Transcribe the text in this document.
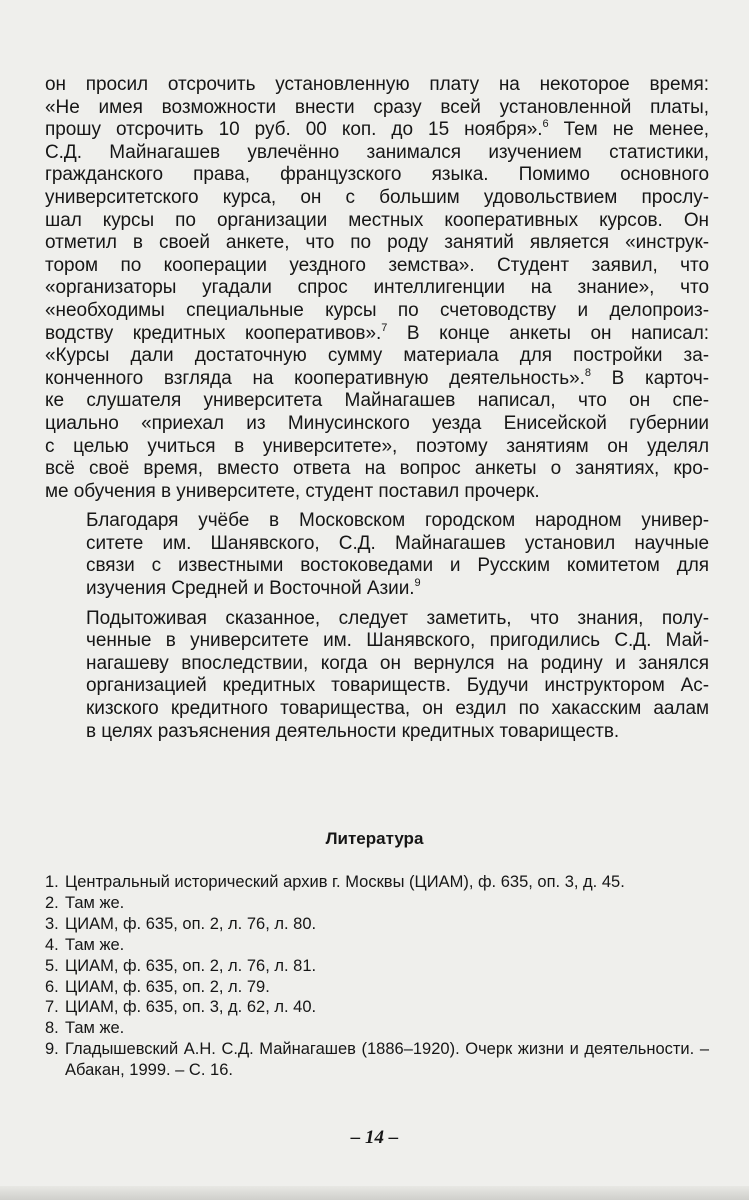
он просил отсрочить установленную плату на некоторое время:
«Не имея возможности внести сразу всей установленной платы,
прошу отсрочить 10 руб. 00 коп. до 15 ноября».$^6$ Тем не менее,
С.Д. Майнагашев увлечённо занимался изучением статистики,
гражданского права, французского языка. Помимо основного
университетского курса, он с большим удовольствием прослу-
шал курсы по организации местных кооперативных курсов. Он
отметил в своей анкете, что по роду занятий является «инструк-
тором по кооперации уездного земства». Студент заявил, что
«организаторы угадали спрос интеллигенции на знание», что
«необходимы специальные курсы по счетоводству и делопроиз-
водству кредитных кооперативов».$^7$ В конце анкеты он написал:
«Курсы дали достаточную сумму материала для постройки за-
конченного взгляда на кооперативную деятельность».$^8$ В карточ-
ке слушателя университета Майнагашев написал, что он спе-
циально «приехал из Минусинского уезда Енисейской губернии
с целью учиться в университете», поэтому занятиям он уделял
всё своё время, вместо ответа на вопрос анкеты о занятиях, кро-
ме обучения в университете, студент поставил прочерк.

Благодаря учёбе в Московском городском народном универ-
ситете им. Шанявского, С.Д. Майнагашев установил научные
связи с известными востоковедами и Русским комитетом для
изучения Средней и Восточной Азии.$^9$

Подытоживая сказанное, следует заметить, что знания, полу-
ченные в университете им. Шанявского, пригодились С.Д. Май-
нагашеву впоследствии, когда он вернулся на родину и занялся
организацией кредитных товариществ. Будучи инструктором Ас-
кизского кредитного товарищества, он ездил по хакасским аалам
в целях разъяснения деятельности кредитных товариществ.

Литература
1. Центральный исторический архив г. Москвы (ЦИАМ), ф. 635, оп. 3, д. 45.
2. Там же.
3. ЦИАМ, ф. 635, оп. 2, л. 76, л. 80.
4. Там же.
5. ЦИАМ, ф. 635, оп. 2, л. 76, л. 81.
6. ЦИАМ, ф. 635, оп. 2, л. 79.
7. ЦИАМ, ф. 635, оп. 3, д. 62, л. 40.
8. Там же.
9. Гладышевский А.Н. С.Д. Майнагашев (1886–1920). Очерк жизни и деятельности. – Абакан, 1999. – С. 16.
– 14 –
